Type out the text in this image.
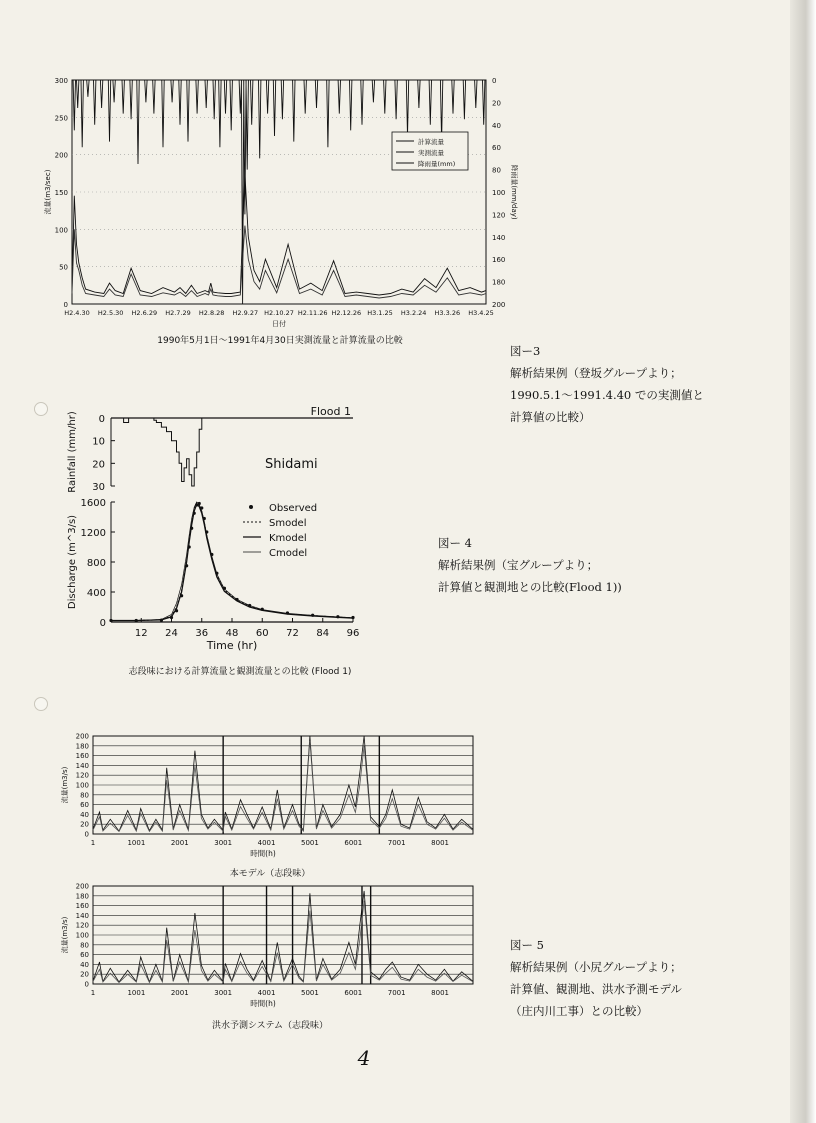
0
50
100
150
200
250
300	0
20
40
60
80
100
120
140
160
180
200
H2.4.30 H2.5.30 H2.6.29 H2.7.29 H2.8.28 H2.9.27 H2.10.27 H2.11.26 H2.12.26 H3.1.25 H3.2.24 H3.3.26 H3.4.25
日付
流量(m3/sec)	降雨量(mm/day)
計算流量
実測流量
降雨量(mm)
1990年5月1日〜1991年4月30日実測流量と計算流量の比較
図ー3
解析結果例（登坂グループより；
1990.5.1〜1991.4.40 での実測値と
計算値の比較）
Flood 1
0
10
20
30
Rainfall (mm/hr)	Shidami
0
400
800
1200
1600
12 24 36 48 60 72 84 96
Time (hr)
Discharge (m^3/s)
Observed
Smodel
Kmodel
Cmodel
志段味における計算流量と観測流量との比較 (Flood 1)
図ー 4
解析結果例（宝グループより；
計算値と観測地との比較(Flood 1))
0
20
40
60
80
100
120
140
160
180
200
1	1001	2001	3001	4001	5001	6001	7001	8001
時間(h)
流量(m3/s)
本モデル（志段味）
0
20
40
60
80
100
120
140
160
180
200
1	1001	2001	3001	4001	5001	6001	7001	8001
時間(h)
流量(m3/s)
洪水予測システム（志段味）
図ー 5
解析結果例（小尻グループより；
計算値、観測地、洪水予測モデル
（庄内川工事）との比較）
4
